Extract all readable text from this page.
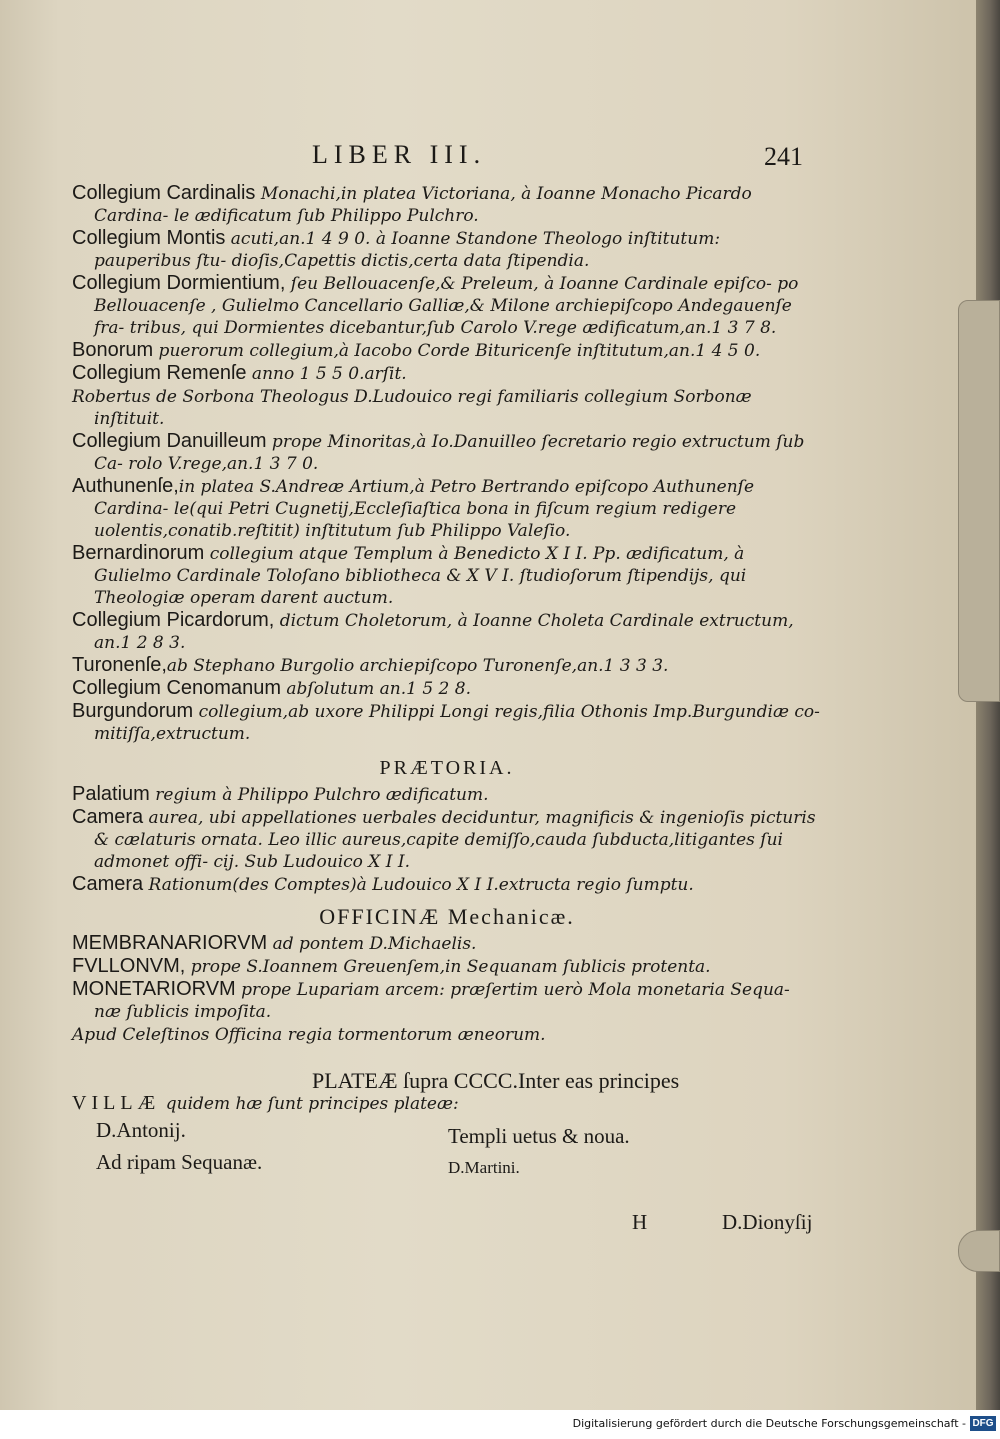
LIBER III.	241

Collegium Cardinalis Monachi,in platea Victoriana, à Ioanne Monacho Picardo Cardina- le ædificatum ſub Philippo Pulchro.

Collegium Montis acuti,an.1 4 9 0. à Ioanne Standone Theologo inſtitutum: pauperibus ſtu- dioſis,Capettis dictis,certa data ſtipendia.

Collegium Dormientium, ſeu Bellouacenſe,& Preleum, à Ioanne Cardinale epiſco- po Bellouacenſe , Gulielmo Cancellario Galliæ,& Milone archiepiſcopo Andegauenſe fra- tribus, qui Dormientes dicebantur,ſub Carolo V.rege ædificatum,an.1 3 7 8.

Bonorum puerorum collegium,à Iacobo Corde Bituricenſe inſtitutum,an.1 4 5 0.

Collegium Remenſe anno 1 5 5 0.arſit.

Robertus de Sorbona Theologus D.Ludouico regi familiaris collegium Sorbonæ inſtituit.

Collegium Danuilleum prope Minoritas,à Io.Danuilleo ſecretario regio extructum ſub Ca- rolo V.rege,an.1 3 7 0.

Authunenſe,in platea S.Andreæ Artium,à Petro Bertrando epiſcopo Authunenſe Cardina- le(qui Petri Cugnetij,Eccleſiaſtica bona in fiſcum regium redigere uolentis,conatib.reſtitit) inſtitutum ſub Philippo Valeſio.

Bernardinorum collegium atque Templum à Benedicto X I I. Pp. ædificatum, à Gulielmo Cardinale Toloſano bibliotheca & X V I. ſtudioſorum ſtipendijs, qui Theologiæ operam darent auctum.

Collegium Picardorum, dictum Choletorum, à Ioanne Choleta Cardinale extructum, an.1 2 8 3.

Turonenſe,ab Stephano Burgolio archiepiſcopo Turonenſe,an.1 3 3 3.

Collegium Cenomanum abſolutum an.1 5 2 8.

Burgundorum collegium,ab uxore Philippi Longi regis,filia Othonis Imp.Burgundiæ co- mitiſſa,extructum.

PRÆTORIA.

Palatium regium à Philippo Pulchro ædificatum.

Camera aurea, ubi appellationes uerbales deciduntur, magnificis & ingenioſis picturis & cælaturis ornata. Leo illic aureus,capite demiſſo,cauda ſubducta,litigantes ſui admonet offi- cij. Sub Ludouico X I I.

Camera Rationum(des Comptes)à Ludouico X I I.extructa regio ſumptu.

OFFICINÆ Mechanicæ.

MEMBRANARIORVM ad pontem D.Michaelis.

FVLLONVM, prope S.Ioannem Greuenſem,in Sequanam ſublicis protenta.

MONETARIORVM prope Lupariam arcem: præſertim uerò Mola monetaria Sequa- næ ſublicis impoſita.

Apud Celeſtinos Officina regia tormentorum æneorum.

PLATEÆ ſupra CCCC.Inter eas principes

VILLÆ quidem hæ ſunt principes plateæ:

D.Antonij.
Ad ripam Sequanæ.
Templi uetus & noua.
D.Martini.
H	D.Dionyſij
Digitalisierung gefördert durch die Deutsche Forschungsgemeinschaft - DFG
